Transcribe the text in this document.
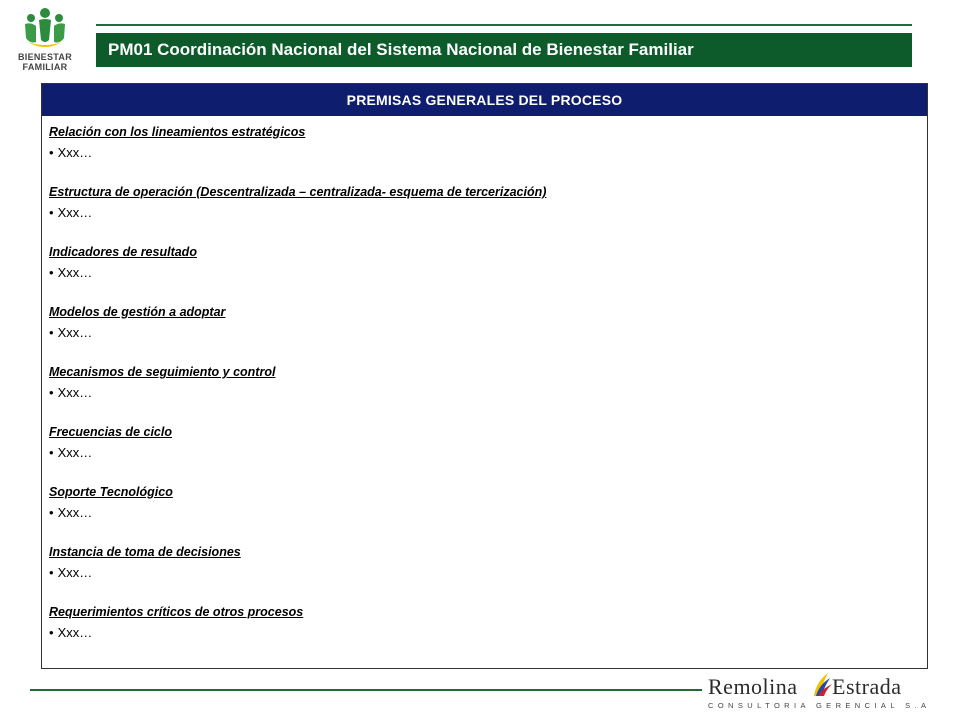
BIENESTAR
FAMILIAR
PM01 Coordinación Nacional del Sistema Nacional de Bienestar Familiar
PREMISAS GENERALES DEL PROCESO
Relación con los lineamientos estratégicos
• Xxx…
Estructura de operación (Descentralizada – centralizada- esquema de tercerización)
• Xxx…
Indicadores de resultado
• Xxx…
Modelos de gestión a adoptar
• Xxx…
Mecanismos de seguimiento y control
• Xxx…
Frecuencias de ciclo
• Xxx…
Soporte Tecnológico
• Xxx…
Instancia de toma de decisiones
• Xxx…
Requerimientos críticos de otros procesos
• Xxx…
Remolina Estrada
CONSULTORIA GERENCIAL S.A
